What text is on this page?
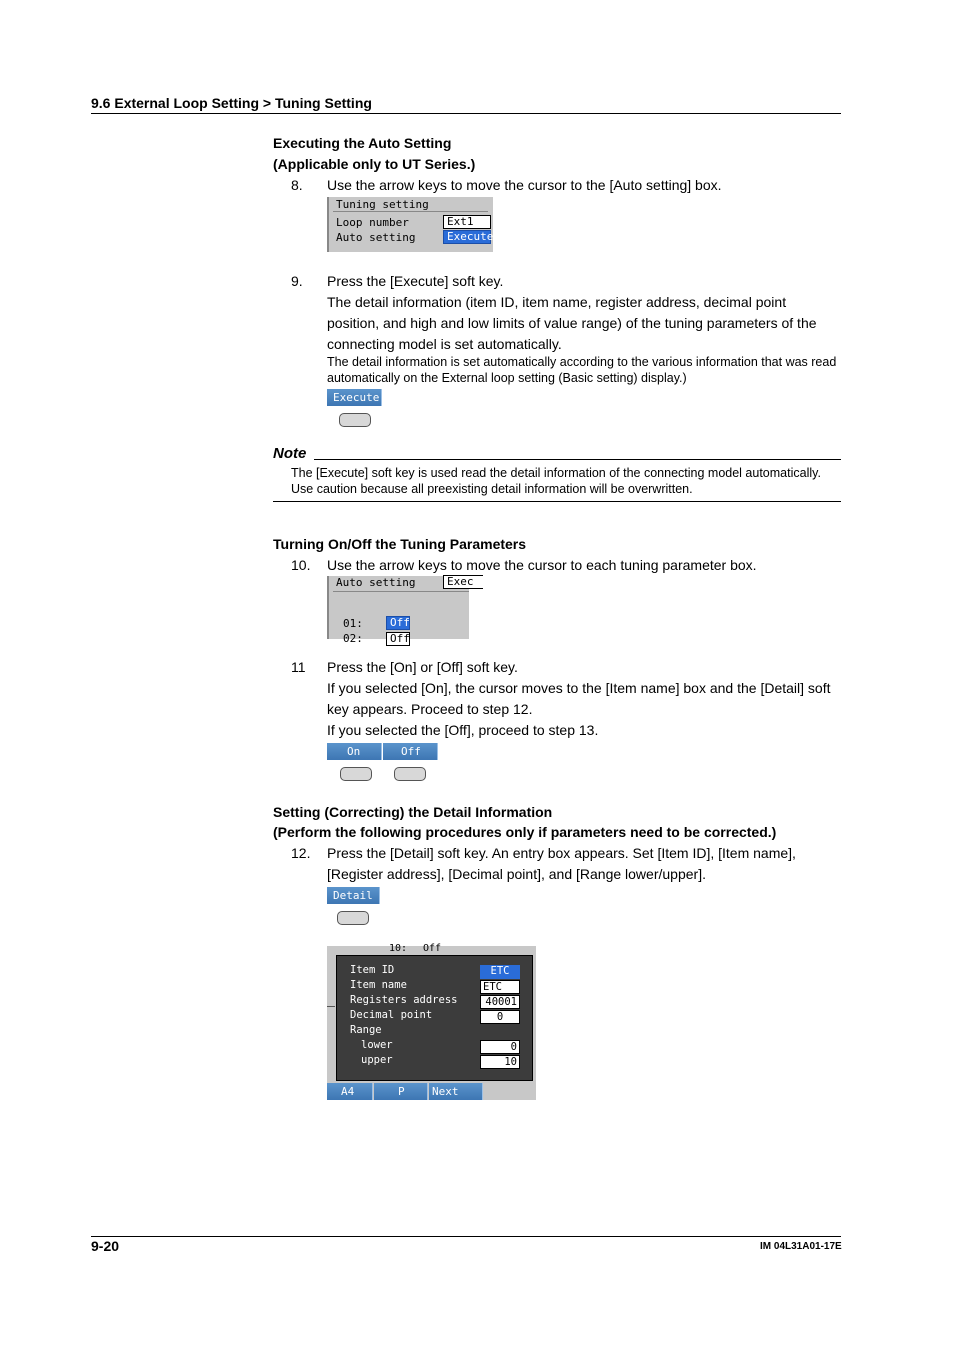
9.6 External Loop Setting > Tuning Setting
Executing the Auto Setting
(Applicable only to UT Series.)
8. Use the arrow keys to move the cursor to the [Auto setting] box.
Tuning setting
Loop number	Ext1
Auto setting	Execute
9. Press the [Execute] soft key.
The detail information (item ID, item name, register address, decimal point position, and high and low limits of value range) of the tuning parameters of the connecting model is set automatically.
The detail information is set automatically according to the various information that was read automatically on the External loop setting (Basic setting) display.)
Execute
Note
The [Execute] soft key is used read the detail information of the connecting model automatically.
Use caution because all preexisting detail information will be overwritten.
Turning On/Off the Tuning Parameters
10. Use the arrow keys to move the cursor to each tuning parameter box.
Auto setting	Exec
01:	Off
02:	Off
11 Press the [On] or [Off] soft key.
If you selected [On], the cursor moves to the [Item name] box and the [Detail] soft key appears. Proceed to step 12.
If you selected the [Off], proceed to step 13.
On	Off
Setting (Correcting) the Detail Information
(Perform the following procedures only if parameters need to be corrected.)
12. Press the [Detail] soft key. An entry box appears. Set [Item ID], [Item name], [Register address], [Decimal point], and [Range lower/upper].
Detail
10: Off
Item ID	ETC
Item name	ETC
Registers address	40001
Decimal point	0
Range
lower	0
upper	10
A4	P	Next 1/3
9-20	IM 04L31A01-17E
